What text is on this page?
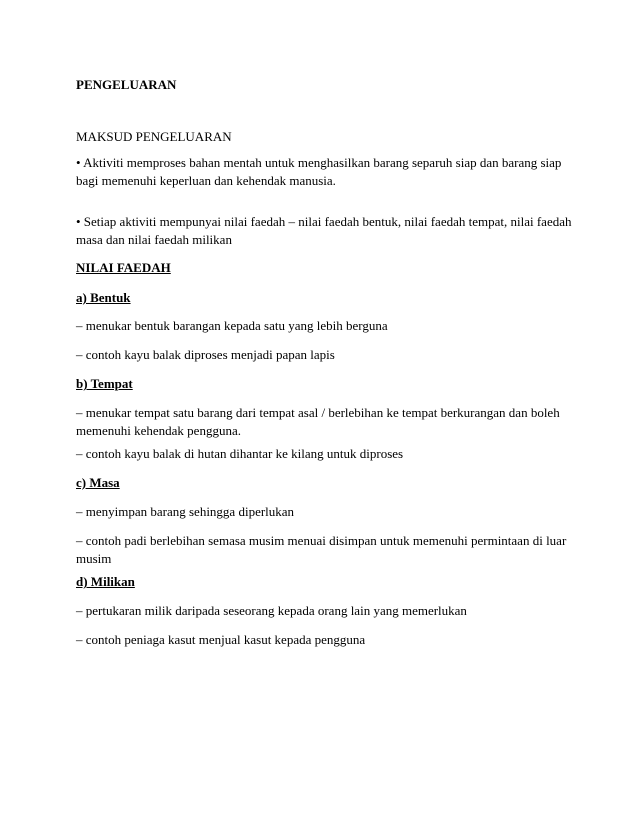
PENGELUARAN

MAKSUD PENGELUARAN

• Aktiviti memproses bahan mentah untuk menghasilkan barang separuh siap dan barang siap

bagi memenuhi keperluan dan kehendak manusia.

• Setiap aktiviti mempunyai nilai faedah – nilai faedah bentuk, nilai faedah tempat, nilai faedah

masa dan nilai faedah milikan

NILAI FAEDAH

a) Bentuk

– menukar bentuk barangan kepada satu yang lebih berguna

– contoh kayu balak diproses menjadi papan lapis

b) Tempat

– menukar tempat satu barang dari tempat asal / berlebihan ke tempat berkurangan dan boleh

memenuhi kehendak pengguna.

– contoh kayu balak di hutan dihantar ke kilang untuk diproses

c) Masa

– menyimpan barang sehingga diperlukan

– contoh padi berlebihan semasa musim menuai disimpan untuk memenuhi permintaan di luar

musim

d) Milikan

– pertukaran milik daripada seseorang kepada orang lain yang memerlukan

– contoh peniaga kasut menjual kasut kepada pengguna
